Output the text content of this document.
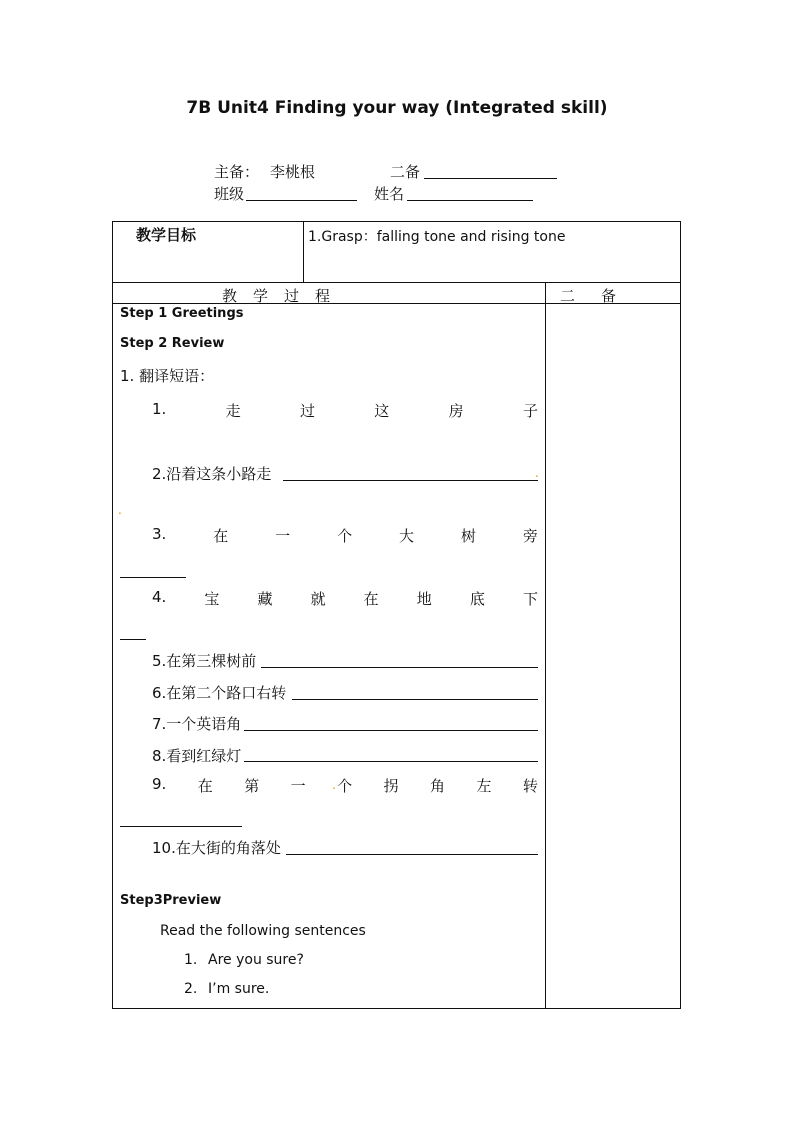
7B Unit4 Finding your way (Integrated skill)
主备： 李桃根	二备
班级	姓名
教学目标	1.Grasp：falling tone and rising tone
教 学 过 程	二 备
Step 1 Greetings
Step 2 Review
1. 翻译短语：
1.	走	过	这	房	子
2.沿着这条小路走	.
.
3.	在	一	个	大	树	旁
4.	宝	藏	就	在	地	底	下
5.在第三棵树前
6.在第二个路口右转
7.一个英语角
8.看到红绿灯
9. 在 第 一 个 拐 角 左 转
.
10.在大街的角落处
Step3Preview
Read the following sentences
1. Are you sure?
2. I’m sure.
